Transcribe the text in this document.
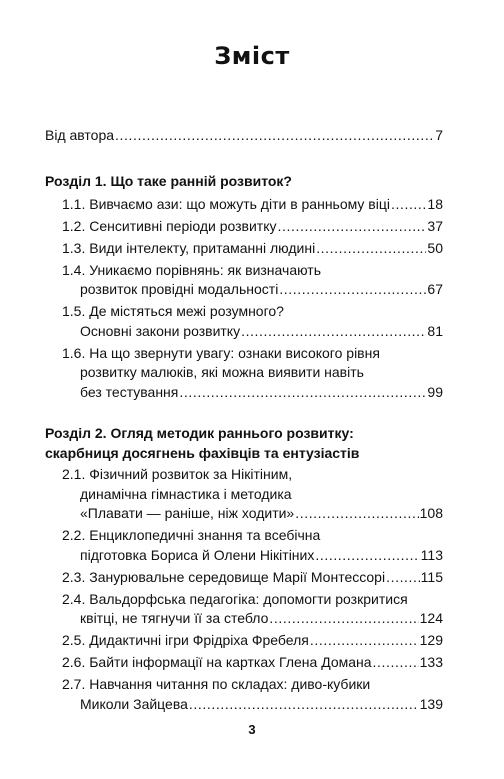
Зміст
Від автора .....	7
Розділ 1. Що таке ранній розвиток?
1.1. Вивчаємо ази: що можуть діти в ранньому віці .....	18
1.2. Сенситивні періоди розвитку .....	37
1.3. Види інтелекту, притаманні людині .....	50
1.4. Уникаємо порівнянь: як визначають
розвиток провідні модальності .....	67
1.5. Де містяться межі розумного?
Основні закони розвитку .....	81
1.6. На що звернути увагу: ознаки високого рівня
розвитку малюків, які можна виявити навіть
без тестування .....	99
Розділ 2. Огляд методик раннього розвитку:
скарбниця досягнень фахівців та ентузіастів
2.1. Фізичний розвиток за Нікітіним,
динамічна гімнастика і методика
«Плавати — раніше, ніж ходити» .....	108
2.2. Енциклопедичні знання та всебічна
підготовка Бориса й Олени Нікітіних .....	113
2.3. Занурювальне середовище Марії Монтессорі .....	115
2.4. Вальдорфська педагогіка: допомогти розкритися
квітці, не тягнучи її за стебло .....	124
2.5. Дидактичні ігри Фрідріха Фребеля .....	129
2.6. Байти інформації на картках Глена Домана .....	133
2.7. Навчання читання по складах: диво-кубики
Миколи Зайцева .....	139
3
